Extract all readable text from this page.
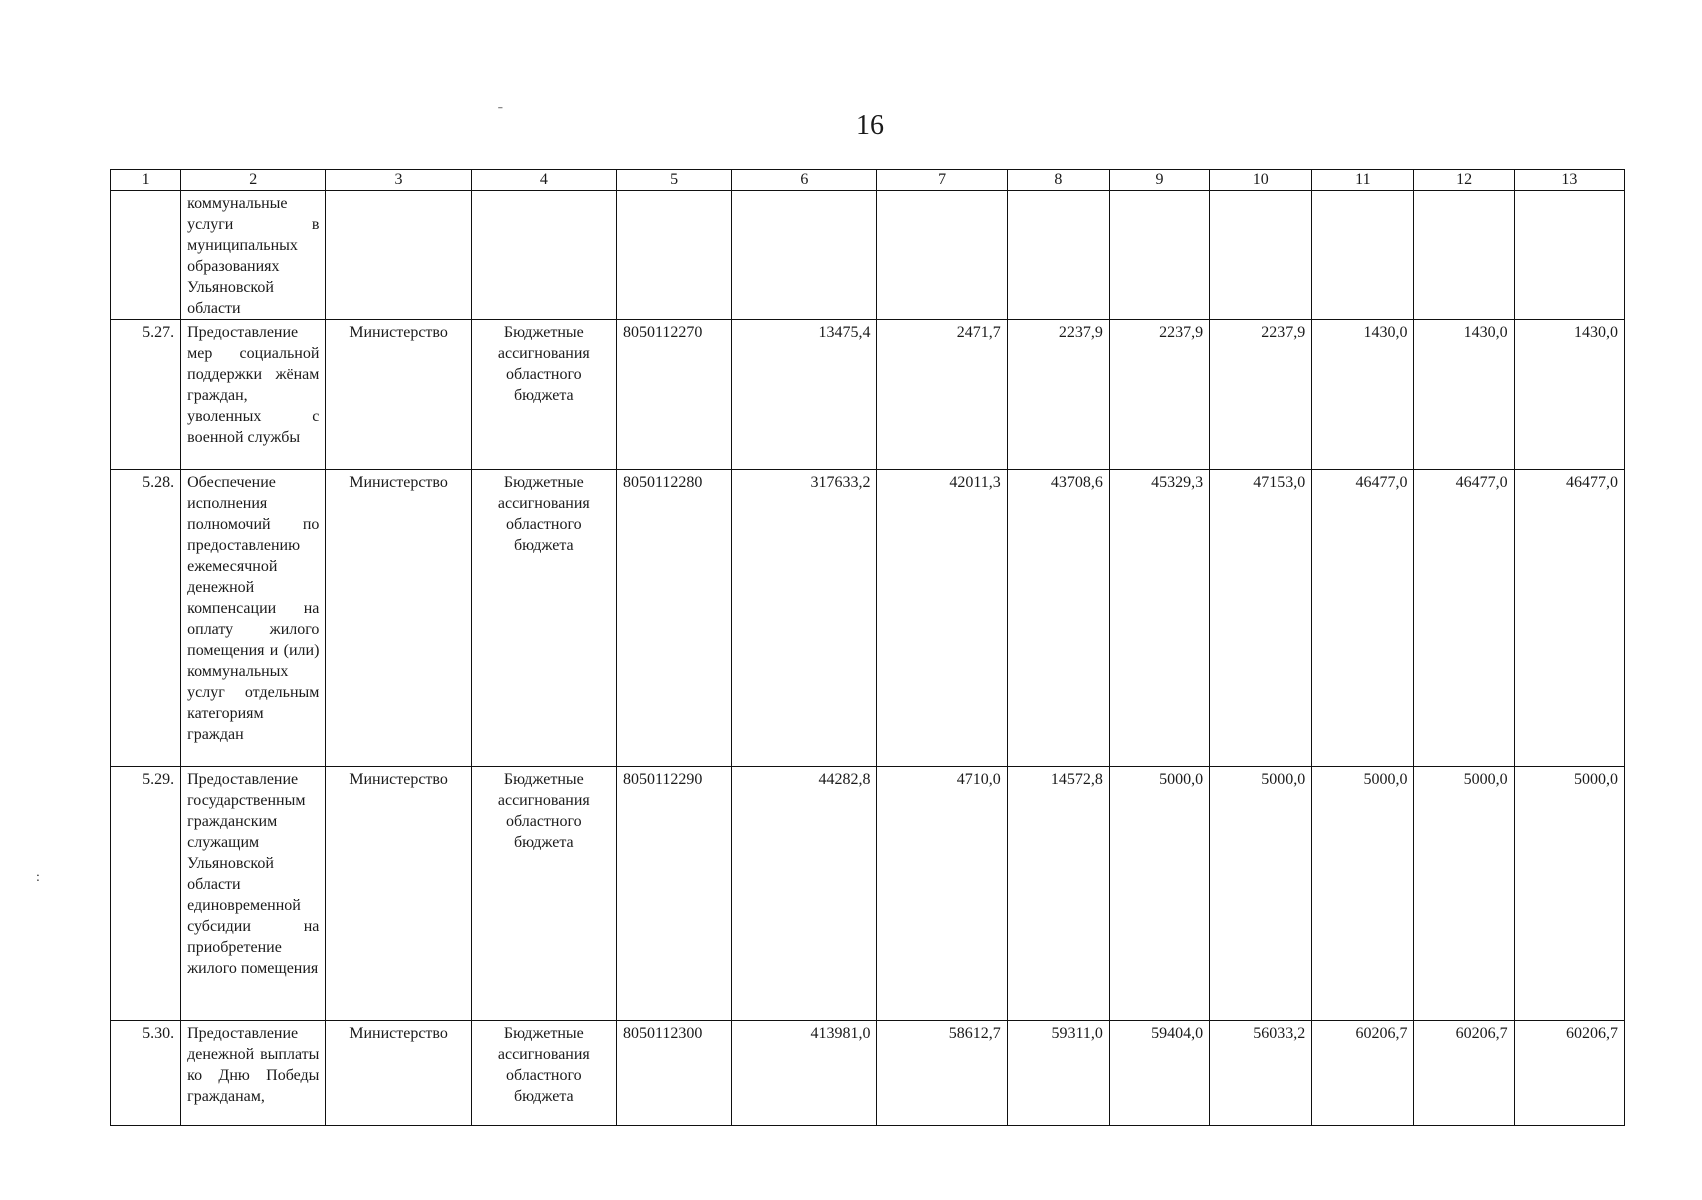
16
ˉ
:
1	2	3	4	5	6	7	8	9	10	11	12	13
	коммунальные услуги в муниципальных образованиях Ульяновской области											
5.27.	Предоставление мер социальной поддержки жёнам граждан, уволенных с военной службы	Министерство	Бюджетные ассигнования областного бюджета	8050112270	13475,4	2471,7	2237,9	2237,9	2237,9	1430,0	1430,0	1430,0
5.28.	Обеспечение исполнения полномочий по предоставлению ежемесячной денежной компенсации на оплату жилого помещения и (или) коммунальных услуг отдельным категориям граждан	Министерство	Бюджетные ассигнования областного бюджета	8050112280	317633,2	42011,3	43708,6	45329,3	47153,0	46477,0	46477,0	46477,0
5.29.	Предоставление государственным гражданским служащим Ульяновской области единовременной субсидии на приобретение жилого помещения	Министерство	Бюджетные ассигнования областного бюджета	8050112290	44282,8	4710,0	14572,8	5000,0	5000,0	5000,0	5000,0	5000,0
5.30.	Предоставление денежной выплаты ко Дню Победы гражданам,	Министерство	Бюджетные ассигнования областного бюджета	8050112300	413981,0	58612,7	59311,0	59404,0	56033,2	60206,7	60206,7	60206,7
